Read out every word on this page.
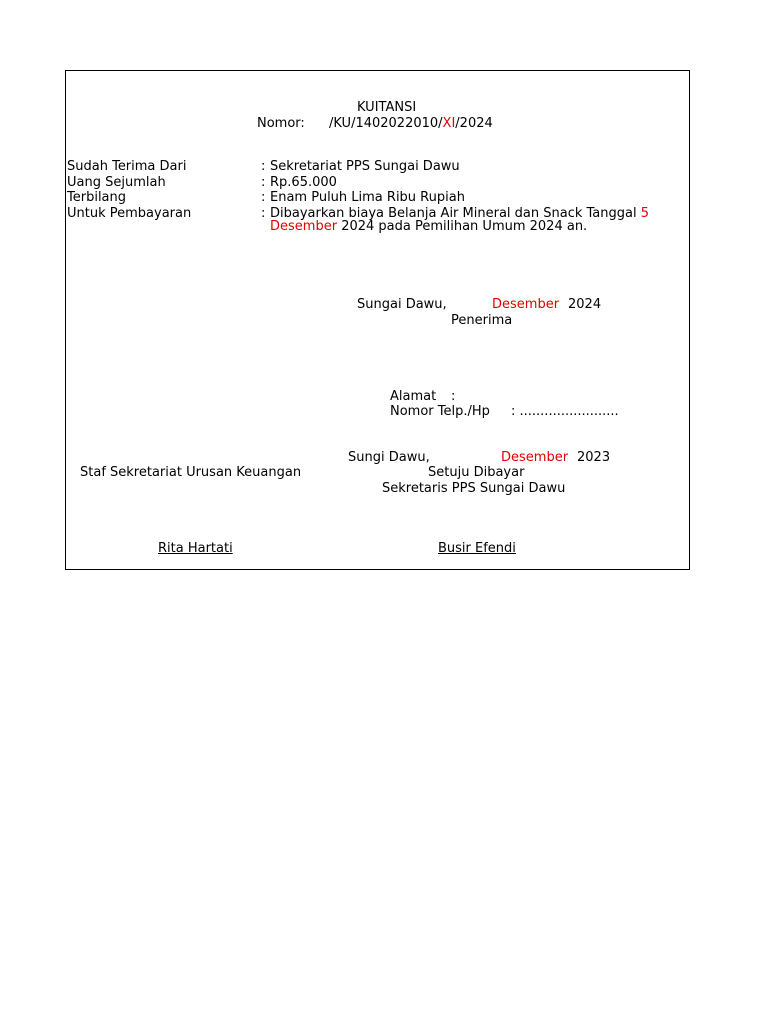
KUITANSI
Nomor: /KU/1402022010/XI/2024
Sudah Terima Dari	: Sekretariat PPS Sungai Dawu
Uang Sejumlah	: Rp.65.000
Terbilang	: Enam Puluh Lima Ribu Rupiah
Untuk Pembayaran	: Dibayarkan biaya Belanja Air Mineral dan Snack Tanggal 5
Desember 2024 pada Pemilihan Umum 2024 an.
Sungai Dawu,	Desember 2024
Penerima
Alamat :
Nomor Telp./Hp : ........................
Sungi Dawu,	Desember 2023
Staf Sekretariat Urusan Keuangan	Setuju Dibayar
Sekretaris PPS Sungai Dawu
Rita Hartati	Busir Efendi
